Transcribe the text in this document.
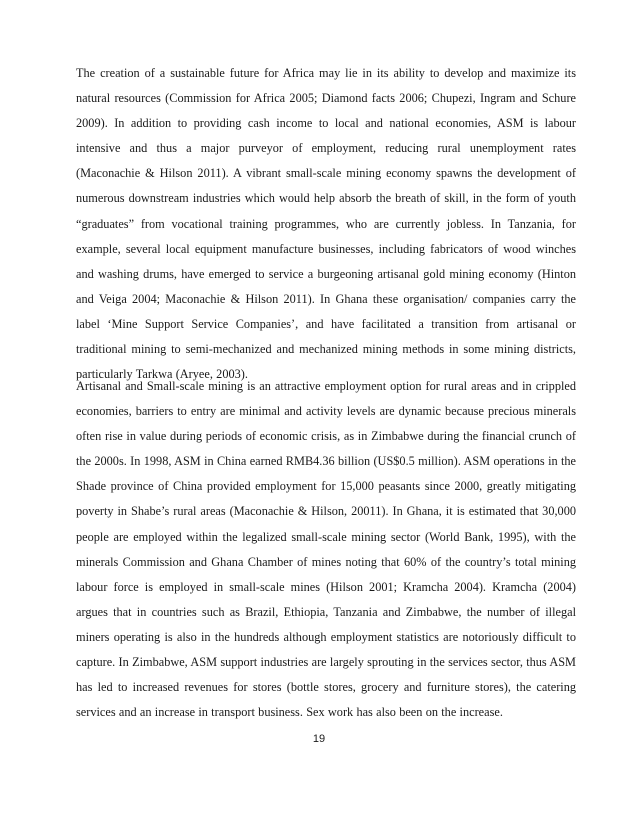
The creation of a sustainable future for Africa may lie in its ability to develop and maximize its natural resources (Commission for Africa 2005; Diamond facts 2006; Chupezi, Ingram and Schure 2009). In addition to providing cash income to local and national economies, ASM is labour intensive and thus a major purveyor of employment, reducing rural unemployment rates (Maconachie & Hilson 2011). A vibrant small-scale mining economy spawns the development of numerous downstream industries which would help absorb the breath of skill, in the form of youth “graduates” from vocational training programmes, who are currently jobless. In Tanzania, for example, several local equipment manufacture businesses, including fabricators of wood winches and washing drums, have emerged to service a burgeoning artisanal gold mining economy (Hinton and Veiga 2004; Maconachie & Hilson 2011). In Ghana these organisation/ companies carry the label ‘Mine Support Service Companies’, and have facilitated a transition from artisanal or traditional mining to semi-mechanized and mechanized mining methods in some mining districts, particularly Tarkwa (Aryee, 2003).

Artisanal and Small-scale mining is an attractive employment option for rural areas and in crippled economies, barriers to entry are minimal and activity levels are dynamic because precious minerals often rise in value during periods of economic crisis, as in Zimbabwe during the financial crunch of the 2000s. In 1998, ASM in China earned RMB4.36 billion (US$0.5 million). ASM operations in the Shade province of China provided employment for 15,000 peasants since 2000, greatly mitigating poverty in Shabe’s rural areas (Maconachie & Hilson, 20011). In Ghana, it is estimated that 30,000 people are employed within the legalized small-scale mining sector (World Bank, 1995), with the minerals Commission and Ghana Chamber of mines noting that 60% of the country’s total mining labour force is employed in small-scale mines (Hilson 2001; Kramcha 2004). Kramcha (2004) argues that in countries such as Brazil, Ethiopia, Tanzania and Zimbabwe, the number of illegal miners operating is also in the hundreds although employment statistics are notoriously difficult to capture. In Zimbabwe, ASM support industries are largely sprouting in the services sector, thus ASM has led to increased revenues for stores (bottle stores, grocery and furniture stores), the catering services and an increase in transport business. Sex work has also been on the increase.

19
